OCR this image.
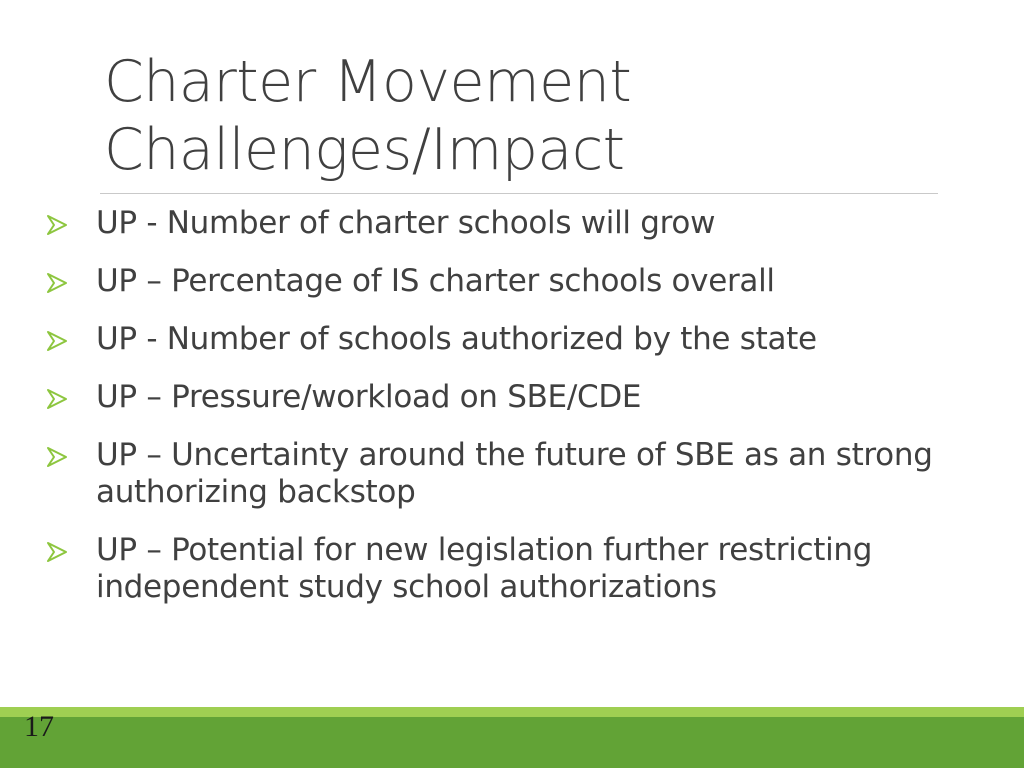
Charter Movement
Challenges/Impact
UP - Number of charter schools will grow
UP – Percentage of IS charter schools overall
UP - Number of schools authorized by the state
UP – Pressure/workload on SBE/CDE
UP – Uncertainty around the future of SBE as an strong authorizing backstop
UP – Potential for new legislation further restricting independent study school authorizations
17
